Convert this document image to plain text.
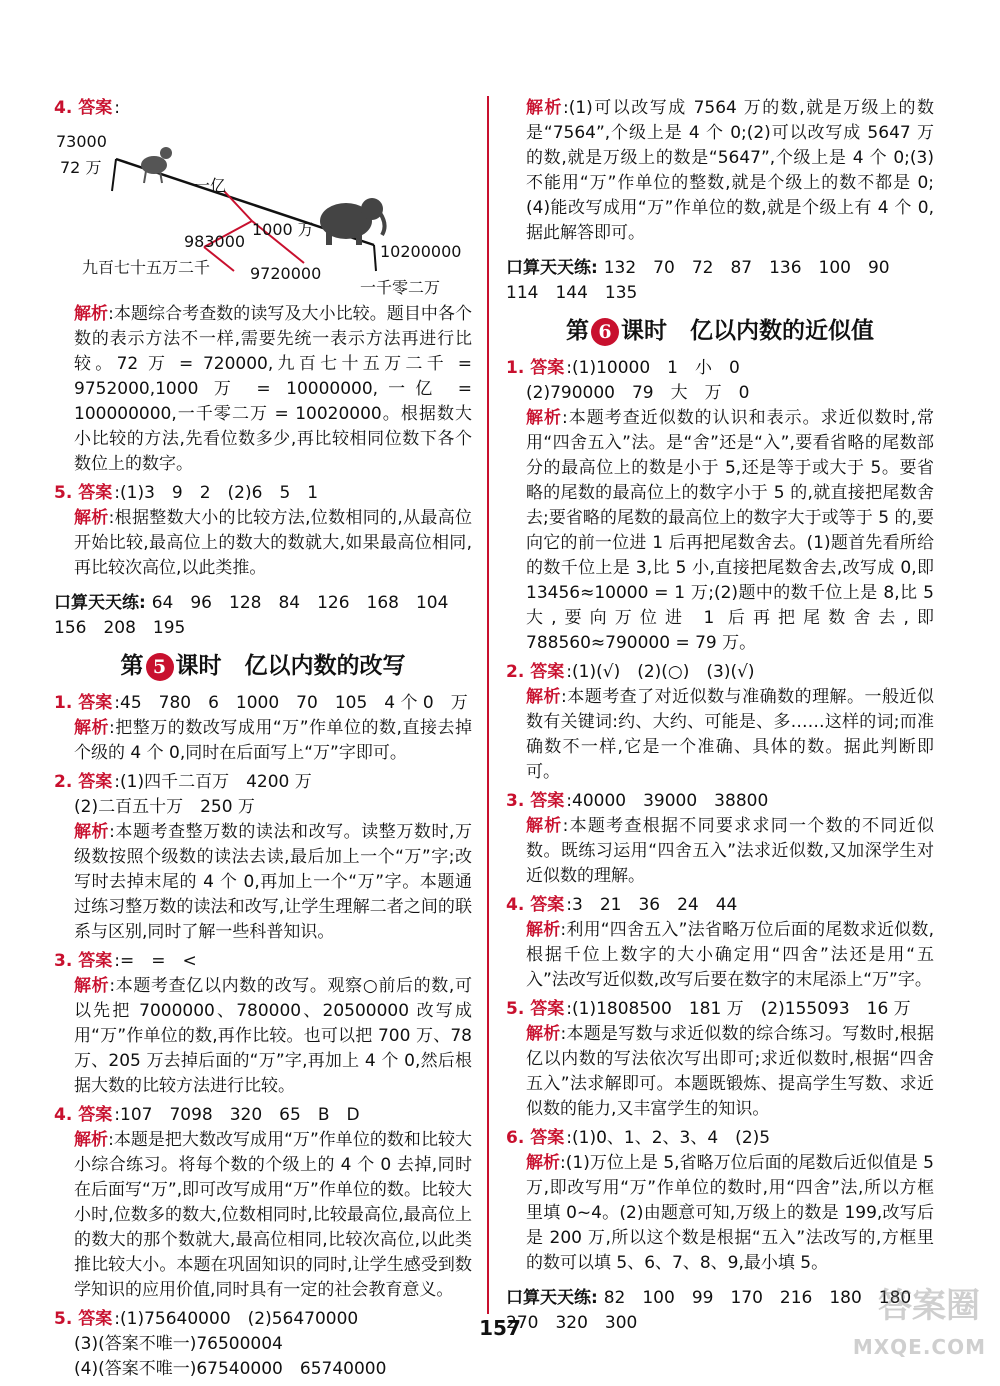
4. 答案 :
73000
72 万
一亿
983000
1000 万
10200000
九百七十五万二千 9720000
一千零二万

解析:本题综合考查数的读写及大小比较。题目中各个数的表示方法不一样,需要先统一表示方法再进行比较。72 万 = 720000,九百七十五万二千 = 9752000,1000 万 = 10000000,一亿 = 100000000,一千零二万 = 10020000。根据数大小比较的方法,先看位数多少,再比较相同位数下各个数位上的数字。

5. 答案 :(1)3　9　2　(2)6　5　1

解析:根据整数大小的比较方法,位数相同的,从最高位开始比较,最高位上的数大的数就大,如果最高位相同,再比较次高位,以此类推。

口算天天练: 64　96　128　84　126　168　104
156　208　195
第 5 课时　亿以内数的改写
1. 答案 :45　780　6　1000　70　105　4 个 0　万

解析:把整万的数改写成用“万”作单位的数,直接去掉个级的 4 个 0,同时在后面写上“万”字即可。

2. 答案 :(1)四千二百万　4200 万
(2)二百五十万　250 万

解析:本题考查整万数的读法和改写。读整万数时,万级数按照个级数的读法去读,最后加上一个“万”字;改写时去掉末尾的 4 个 0,再加上一个“万”字。本题通过练习整万数的读法和改写,让学生理解二者之间的联系与区别,同时了解一些科普知识。

3. 答案 :=　=　<

解析:本题考查亿以内数的改写。观察○前后的数,可以先把 7000000、780000、20500000 改写成用“万”作单位的数,再作比较。也可以把 700 万、78 万、205 万去掉后面的“万”字,再加上 4 个 0,然后根据大数的比较方法进行比较。

4. 答案 :107　7098　320　65　B　D

解析:本题是把大数改写成用“万”作单位的数和比较大小综合练习。将每个数的个级上的 4 个 0 去掉,同时在后面写“万”,即可改写成用“万”作单位的数。比较大小时,位数多的数大,位数相同时,比较最高位,最高位上的数大的那个数就大,最高位相同,比较次高位,以此类推比较大小。本题在巩固知识的同时,让学生感受到数学知识的应用价值,同时具有一定的社会教育意义。

5. 答案 :(1)75640000　(2)56470000
(3)(答案不唯一)76500004
(4)(答案不唯一)67540000　65740000

解析:(1)可以改写成 7564 万的数,就是万级上的数是“7564”,个级上是 4 个 0;(2)可以改写成 5647 万的数,就是万级上的数是“5647”,个级上是 4 个 0;(3)不能用“万”作单位的整数,就是个级上的数不都是 0;(4)能改写成用“万”作单位的数,就是个级上有 4 个 0,据此解答即可。

口算天天练: 132　70　72　87　136　100　90
114　144　135
第 6 课时　亿以内数的近似值
1. 答案 :(1)10000　1　小　0
(2)790000　79　大　万　0

解析:本题考查近似数的认识和表示。求近似数时,常用“四舍五入”法。是“舍”还是“入”,要看省略的尾数部分的最高位上的数是小于 5,还是等于或大于 5。要省略的尾数的最高位上的数字小于 5 的,就直接把尾数舍去;要省略的尾数的最高位上的数字大于或等于 5 的,要向它的前一位进 1 后再把尾数舍去。(1)题首先看所给的数千位上是 3,比 5 小,直接把尾数舍去,改写成 0,即 13456≈10000 = 1 万;(2)题中的数千位上是 8,比 5 大,要向万位进 1 后再把尾数舍去,即 788560≈790000 = 79 万。

2. 答案 :(1)(√)　(2)(○)　(3)(√)

解析:本题考查了对近似数与准确数的理解。一般近似数有关键词:约、大约、可能是、多……这样的词;而准确数不一样,它是一个准确、具体的数。据此判断即可。

3. 答案 :40000　39000　38800

解析:本题考查根据不同要求求同一个数的不同近似数。既练习运用“四舍五入”法求近似数,又加深学生对近似数的理解。

4. 答案 :3　21　36　24　44

解析:利用“四舍五入”法省略万位后面的尾数求近似数,根据千位上数字的大小确定用“四舍”法还是用“五入”法改写近似数,改写后要在数字的末尾添上“万”字。

5. 答案 :(1)1808500　181 万　(2)155093　16 万

解析:本题是写数与求近似数的综合练习。写数时,根据亿以内数的写法依次写出即可;求近似数时,根据“四舍五入”法求解即可。本题既锻炼、提高学生写数、求近似数的能力,又丰富学生的知识。

6. 答案 :(1)0、1、2、3、4　(2)5

解析:(1)万位上是 5,省略万位后面的尾数后近似值是 5 万,即改写用“万”作单位的数时,用“四舍”法,所以方框里填 0~4。(2)由题意可知,万级上的数是 199,改写后是 200 万,所以这个数是根据“五入”法改写的,方框里的数可以填 5、6、7、8、9,最小填 5。

口算天天练: 82　100　99　170　216　180　180
270　320　300
157
答案圈
MXQE.COM
